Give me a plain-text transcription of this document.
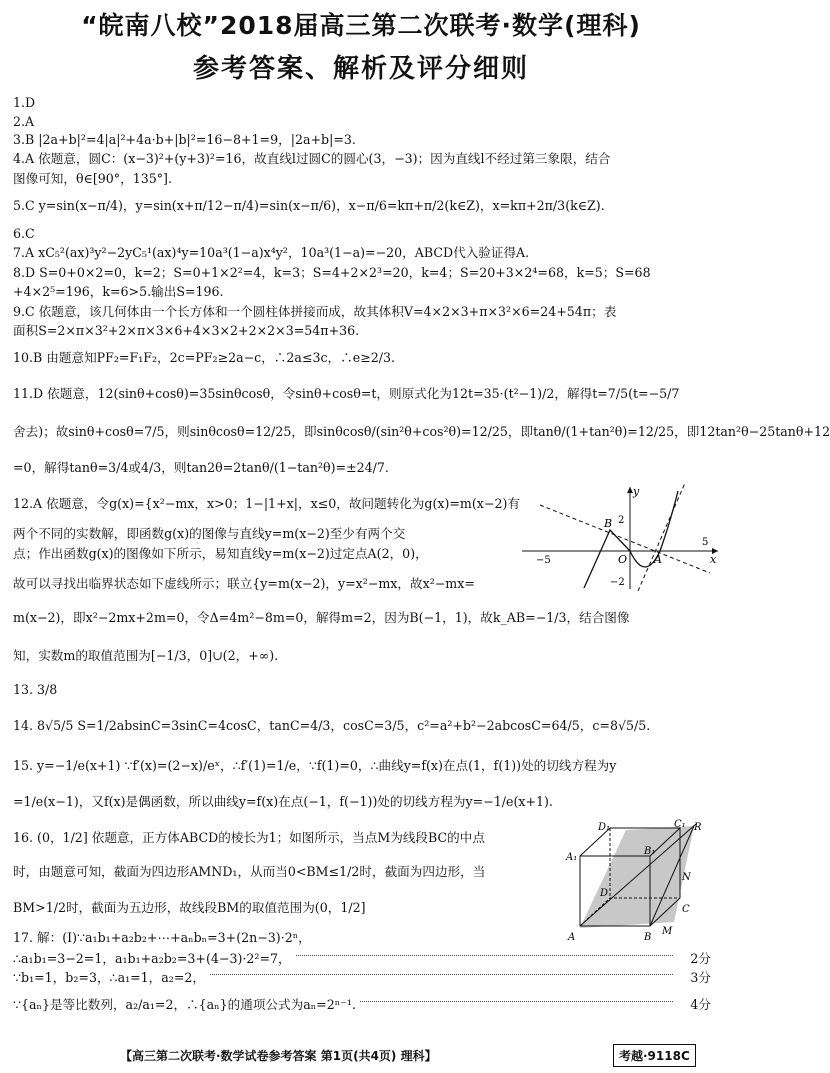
“皖南八校”2018届高三第二次联考·数学(理科)
参考答案、解析及评分细则
1.D
2.A
3.B |2a+b|²=4|a|²+4a·b+|b|²=16−8+1=9，|2a+b|=3.
4.A 依题意，圆C：(x−3)²+(y+3)²=16，故直线l过圆C的圆心(3，−3)；因为直线l不经过第三象限，结合
图像可知，θ∈[90°，135°].
5.C y=sin(x−π/4)，y=sin(x+π/12−π/4)=sin(x−π/6)，x−π/6=kπ+π/2(k∈Z)，x=kπ+2π/3(k∈Z).
6.C
7.A xC₅²(ax)³y²−2yC₅¹(ax)⁴y=10a³(1−a)x⁴y²，10a³(1−a)=−20，ABCD代入验证得A.
8.D S=0+0×2=0，k=2；S=0+1×2²=4，k=3；S=4+2×2³=20，k=4；S=20+3×2⁴=68，k=5；S=68
+4×2⁵=196，k=6>5.输出S=196.
9.C 依题意，该几何体由一个长方体和一个圆柱体拼接而成，故其体积V=4×2×3+π×3²×6=24+54π；表
面积S=2×π×3²+2×π×3×6+4×3×2+2×2×3=54π+36.
10.B 由题意知PF₂=F₁F₂，2c=PF₂≥2a−c，∴2a≤3c，∴e≥2/3.
11.D 依题意，12(sinθ+cosθ)=35sinθcosθ，令sinθ+cosθ=t，则原式化为12t=35·(t²−1)/2，解得t=7/5(t=−5/7
舍去)；故sinθ+cosθ=7/5，则sinθcosθ=12/25，即sinθcosθ/(sin²θ+cos²θ)=12/25，即tanθ/(1+tan²θ)=12/25，即12tan²θ−25tanθ+12
=0，解得tanθ=3/4或4/3，则tan2θ=2tanθ/(1−tan²θ)=±24/7.
12.A 依题意，令g(x)={x²−mx，x>0；1−|1+x|，x≤0，故问题转化为g(x)=m(x−2)有
两个不同的实数解，即函数g(x)的图像与直线y=m(x−2)至少有两个交
点；作出函数g(x)的图像如下所示，易知直线y=m(x−2)过定点A(2，0)，
故可以寻找出临界状态如下虚线所示；联立{y=m(x−2)，y=x²−mx，故x²−mx=
m(x−2)，即x²−2mx+2m=0，令Δ=4m²−8m=0，解得m=2，因为B(−1，1)，故k_AB=−1/3，结合图像
知，实数m的取值范围为[−1/3，0]∪(2，+∞).
y
x
O A
B 2
−2
−5
5
13. 3/8
14. 8√5/5 S=1/2absinC=3sinC=4cosC，tanC=4/3，cosC=3/5，c²=a²+b²−2abcosC=64/5，c=8√5/5.
15. y=−1/e(x+1) ∵f′(x)=(2−x)/eˣ，∴f′(1)=1/e，∵f(1)=0，∴曲线y=f(x)在点(1，f(1))处的切线方程为y
=1/e(x−1)，又f(x)是偶函数，所以曲线y=f(x)在点(−1，f(−1))处的切线方程为y=−1/e(x+1).
16. (0，1/2] 依题意，正方体ABCD的棱长为1；如图所示，当点M为线段BC的中点
时，由题意可知，截面为四边形AMND₁，从而当0<BM≤1/2时，截面为四边形，当
BM>1/2时，截面为五边形，故线段BM的取值范围为(0，1/2]
D₁	C₁ R
A₁
B₁
N
D
C
A	B
M
17. 解：(Ⅰ)∵a₁b₁+a₂b₂+⋯+aₙbₙ=3+(2n−3)·2ⁿ，
∴a₁b₁=3−2=1，a₁b₁+a₂b₂=3+(4−3)·2²=7，	2分
∵b₁=1，b₂=3，∴a₁=1，a₂=2，	3分
∵{aₙ}是等比数列，a₂/a₁=2，∴{aₙ}的通项公式为aₙ=2ⁿ⁻¹.	4分
【高三第二次联考·数学试卷参考答案 第1页(共4页) 理科】	考越·9118C
